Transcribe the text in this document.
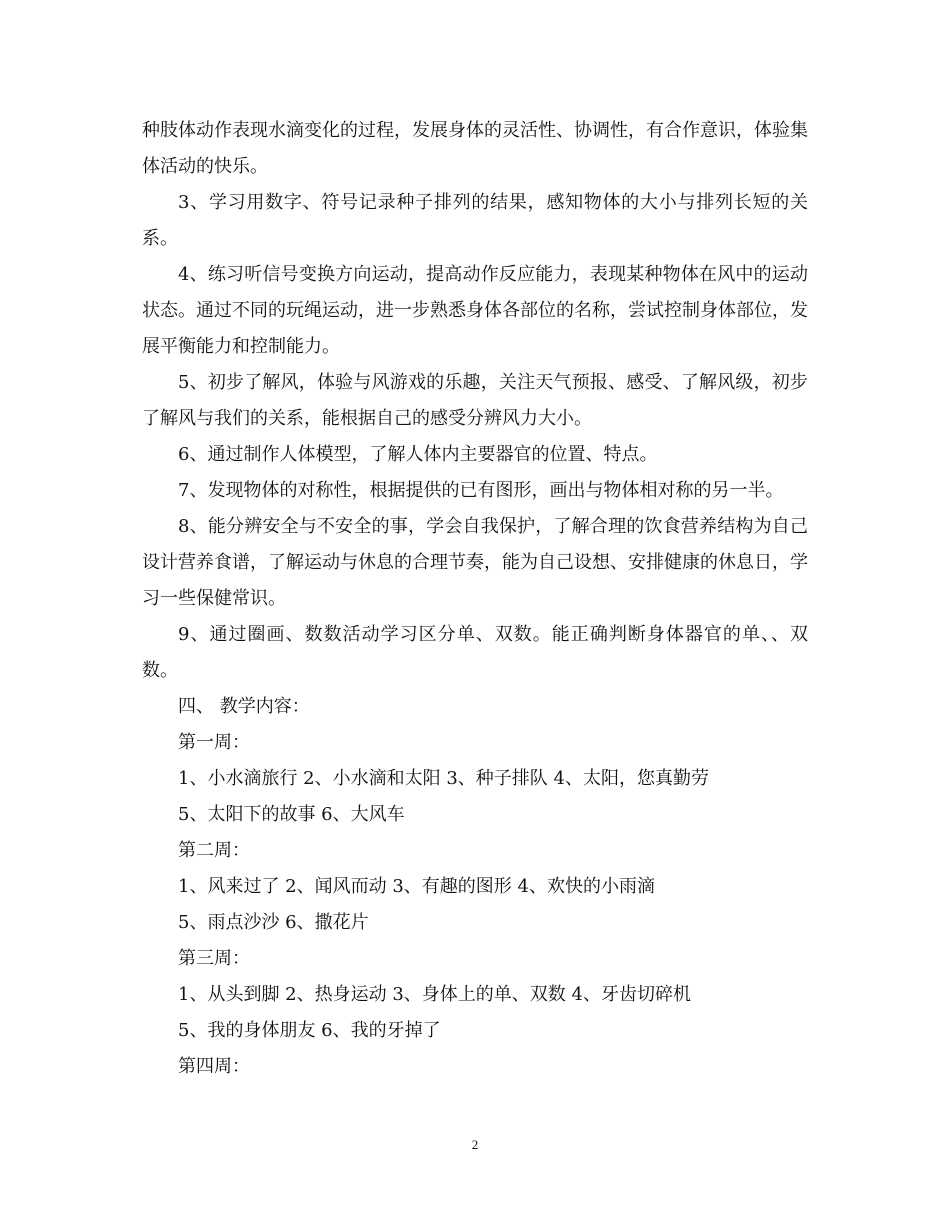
种肢体动作表现水滴变化的过程，发展身体的灵活性、协调性，有合作意识，体验集体活动的快乐。

3、学习用数字、符号记录种子排列的结果，感知物体的大小与排列长短的关系。

4、练习听信号变换方向运动，提高动作反应能力，表现某种物体在风中的运动状态。通过不同的玩绳运动，进一步熟悉身体各部位的名称，尝试控制身体部位，发展平衡能力和控制能力。

5、初步了解风，体验与风游戏的乐趣，关注天气预报、感受、了解风级，初步了解风与我们的关系，能根据自己的感受分辨风力大小。

6、通过制作人体模型，了解人体内主要器官的位置、特点。

7、发现物体的对称性，根据提供的已有图形，画出与物体相对称的另一半。

8、能分辨安全与不安全的事，学会自我保护，了解合理的饮食营养结构为自己设计营养食谱，了解运动与休息的合理节奏，能为自己设想、安排健康的休息日，学习一些保健常识。

9、通过圈画、数数活动学习区分单、双数。能正确判断身体器官的单、、双数。

四、 教学内容：

第一周：

1、小水滴旅行 2、小水滴和太阳 3、种子排队 4、太阳，您真勤劳

5、太阳下的故事 6、大风车

第二周：

1、风来过了 2、闻风而动 3、有趣的图形 4、欢快的小雨滴

5、雨点沙沙 6、撒花片

第三周：

1、从头到脚 2、热身运动 3、身体上的单、双数 4、牙齿切碎机

5、我的身体朋友 6、我的牙掉了

第四周：

2
